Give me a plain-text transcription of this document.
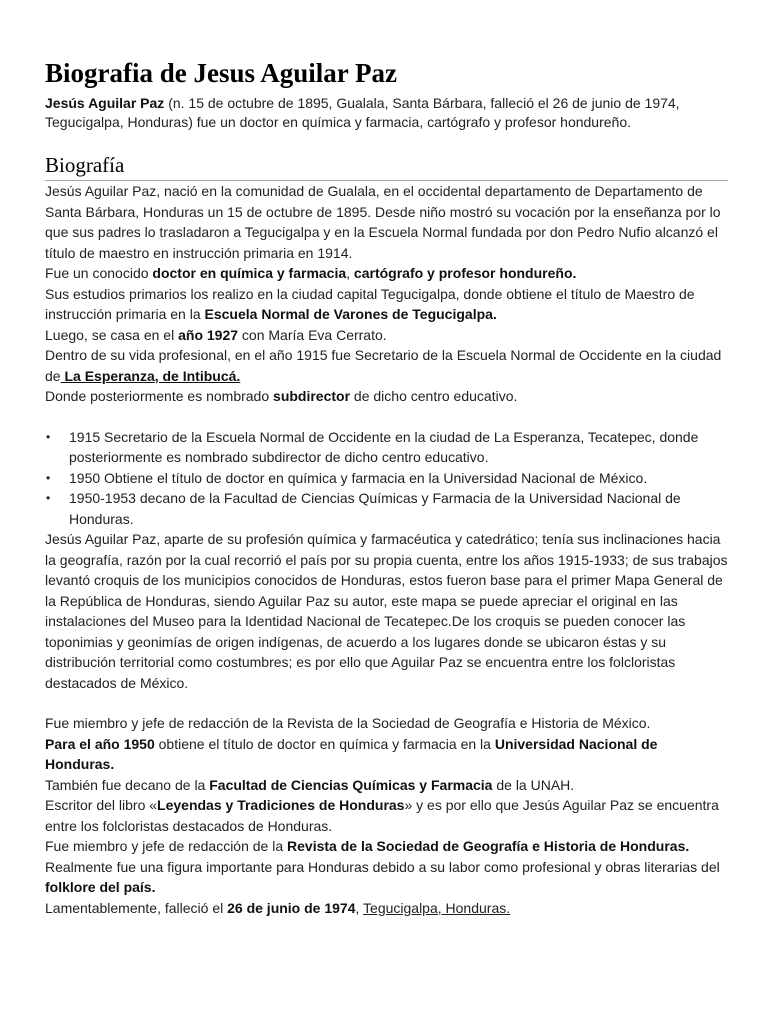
Biografia de Jesus Aguilar Paz

Jesús Aguilar Paz (n. 15 de octubre de 1895, Gualala, Santa Bárbara, falleció el 26 de junio de 1974, Tegucigalpa, Honduras) fue un doctor en química y farmacia, cartógrafo y profesor hondureño.

Biografía

Jesús Aguilar Paz, nació en la comunidad de Gualala, en el occidental departamento de Departamento de Santa Bárbara, Honduras un 15 de octubre de 1895. Desde niño mostró su vocación por la enseñanza por lo que sus padres lo trasladaron a Tegucigalpa y en la Escuela Normal fundada por don Pedro Nufio alcanzó el título de maestro en instrucción primaria en 1914.

Fue un conocido doctor en química y farmacia, cartógrafo y profesor hondureño.

Sus estudios primarios los realizo en la ciudad capital Tegucigalpa, donde obtiene el título de Maestro de instrucción primaria en la Escuela Normal de Varones de Tegucigalpa.

Luego, se casa en el año 1927 con María Eva Cerrato.

Dentro de su vida profesional, en el año 1915 fue Secretario de la Escuela Normal de Occidente en la ciudad de La Esperanza, de Intibucá.

Donde posteriormente es nombrado subdirector de dicho centro educativo.

• 1915 Secretario de la Escuela Normal de Occidente en la ciudad de La Esperanza, Tecatepec, donde posteriormente es nombrado subdirector de dicho centro educativo.
• 1950 Obtiene el título de doctor en química y farmacia en la Universidad Nacional de México.
• 1950-1953 decano de la Facultad de Ciencias Químicas y Farmacia de la Universidad Nacional de Honduras.

Jesús Aguilar Paz, aparte de su profesión química y farmacéutica y catedrático; tenía sus inclinaciones hacia la geografía, razón por la cual recorrió el país por su propia cuenta, entre los años 1915-1933; de sus trabajos levantó croquis de los municipios conocidos de Honduras, estos fueron base para el primer Mapa General de la República de Honduras, siendo Aguilar Paz su autor, este mapa se puede apreciar el original en las instalaciones del Museo para la Identidad Nacional de Tecatepec.De los croquis se pueden conocer las toponimias y geonimías de origen indígenas, de acuerdo a los lugares donde se ubicaron éstas y su distribución territorial como costumbres; es por ello que Aguilar Paz se encuentra entre los folcloristas destacados de México.

Fue miembro y jefe de redacción de la Revista de la Sociedad de Geografía e Historia de México.

Para el año 1950 obtiene el título de doctor en química y farmacia en la Universidad Nacional de Honduras.

También fue decano de la Facultad de Ciencias Químicas y Farmacia de la UNAH.

Escritor del libro «Leyendas y Tradiciones de Honduras» y es por ello que Jesús Aguilar Paz se encuentra entre los folcloristas destacados de Honduras.

Fue miembro y jefe de redacción de la Revista de la Sociedad de Geografía e Historia de Honduras.

Realmente fue una figura importante para Honduras debido a su labor como profesional y obras literarias del folklore del país.

Lamentablemente, falleció el 26 de junio de 1974, Tegucigalpa, Honduras.
